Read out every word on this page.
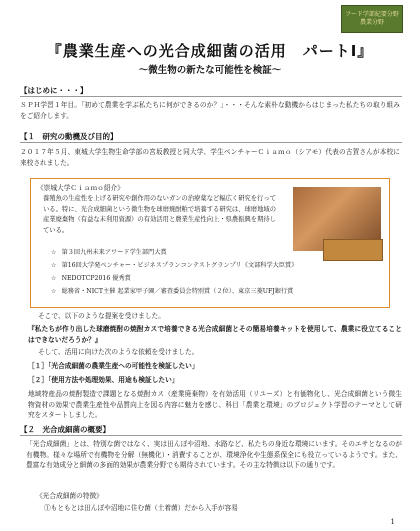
フード学部紀要分野
農業分野
『農業生産への光合成細菌の活用　パートⅠ』
～微生物の新たな可能性を検証～
【はじめに・・・】
ＳＰＨ学習１年目。「初めて農業を学ぶ私たちに何ができるのか？」・・・そんな素朴な動機からはじまった私たちの取り組みをご紹介します。
【１　研究の動機及び目的】
２０１７年５月、東城大学生物生命学部の宮坂教授と同大学、学生ベンチャーＣｉａｍｏ（シアモ）代表の古賀さんが本校に来校されました。
《崇城大学Ｃｉａｍｏ紹介》
養殖魚の生産性を上げる研究や創作用のないガンの治療薬など幅広く研究を行っている。特に、光合成細菌という微生物を球磨焼酎粕で培養する研究は、球磨地域の産業廃棄物（有益な未利用資源）の有効活用と農業生産性向上・県農振興を期待している。
☆ 第３回九州未来アワード学生部門大賞
☆ 第16回大学発ベンチャー・ビジネスプランコンテストグランプリ《文部科学大臣賞》
☆ NEDOTCP2016 優秀賞
☆ 総務省・NICT主催 起業家甲子園／審査委員会特別賞（２位）、東京三菱UFJ銀行賞
そこで、以下のような提案を受けました。
『私たちが作り出した球磨焼酎の焼酎カスで培養できる光合成細菌とその簡易培養キットを使用して、農業に役立てることはできないだろうか？』
そして、活用に向けた次のような依頼を受けました。
［１］「光合成細菌の農業生産への可能性を検証したい」
［２］「使用方法や処理効果、用途も検証したい」
地域特産品の焼酎製造で課題となる焼酎カス（産業廃棄物）を有効活用（リユーズ）と有価物化し、光合成細菌という微生物資材の効果で農業生産性や品質向上を図る内容に魅力を感じ、科目「農業と環境」のプロジェクト学習のテーマとして研究をスタートしました。
【２　光合成細菌の概要】
「光合成細菌」とは、特別な菌ではなく、実は田んぼや沼地、水路など、私たちの身近な環境にいます。そのエサとなるのが有機物。様々な場所で有機物を分解（無機化）・消費することが、環境浄化や生態系保全にも役立っているようです。また、豊富な有効成分と細菌の多面的効果が農業分野でも期待されています。その主な特徴は以下の通りです。
《光合成細菌の特徴》
①もともとは田んぼや沼地に住む菌（土着菌）だから入手が容易
1
